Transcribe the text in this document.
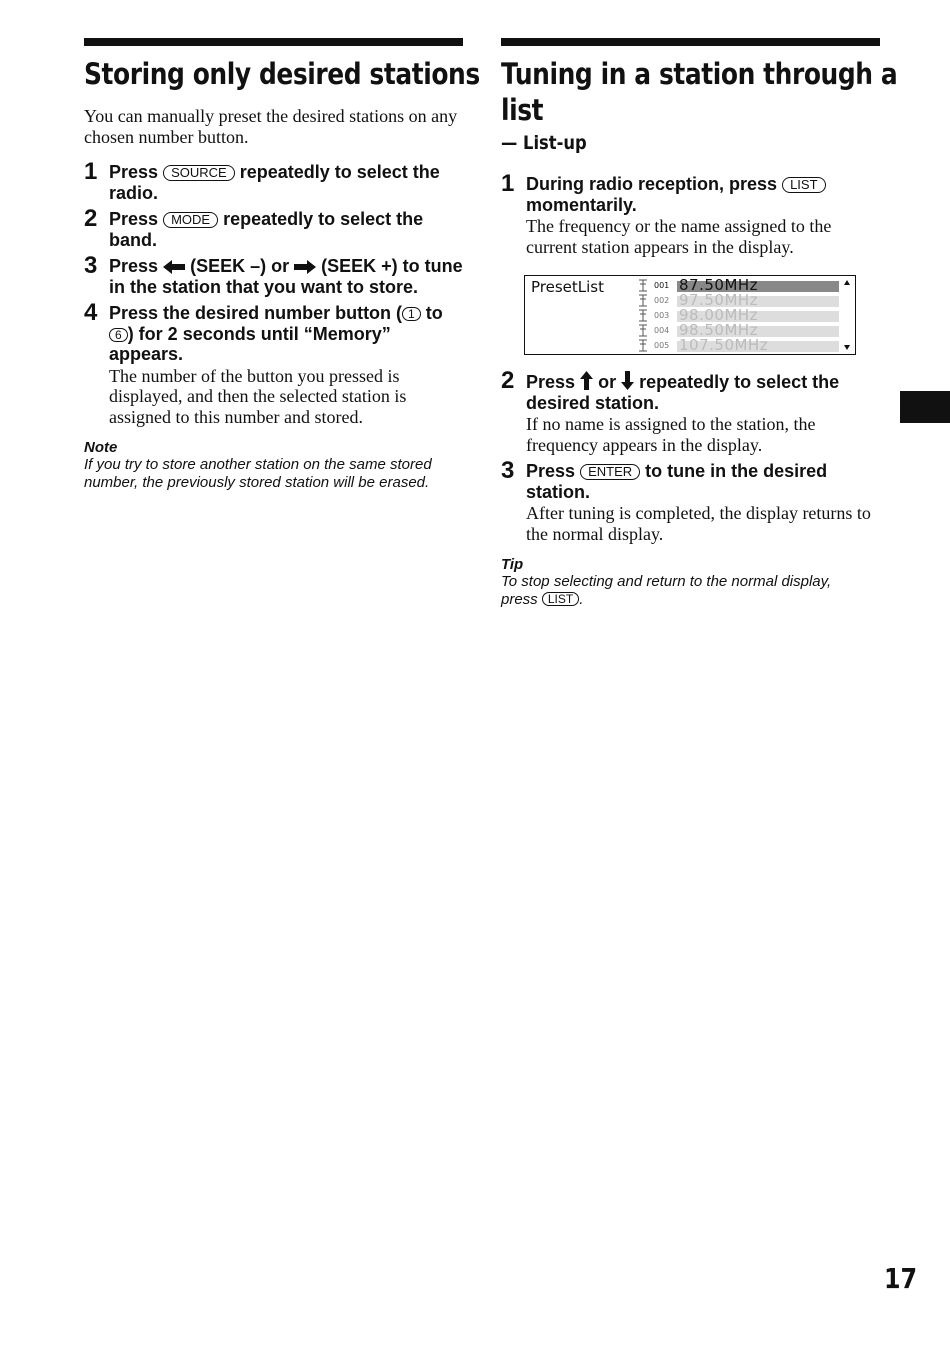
Storing only desired stations

You can manually preset the desired stations on any chosen number button.

1 Press SOURCE repeatedly to select the radio.
2 Press MODE repeatedly to select the band.
3 Press (SEEK –) or (SEEK +) to tune in the station that you want to store.
4 Press the desired number button ( 1 to 6 ) for 2 seconds until “Memory” appears.
The number of the button you pressed is displayed, and then the selected station is assigned to this number and stored.
Note
If you try to store another station on the same stored number, the previously stored station will be erased.
Tuning in a station through a
list
— List-up
1 During radio reception, press LIST momentarily.
The frequency or the name assigned to the current station appears in the display.
PresetList	001 87.50MHz
002 97.50MHz
003 98.00MHz
004 98.50MHz
005 107.50MHz
2 Press or repeatedly to select the desired station.
If no name is assigned to the station, the frequency appears in the display.
3 Press ENTER to tune in the desired station.
After tuning is completed, the display returns to the normal display.
Tip
To stop selecting and return to the normal display,
press LIST .
17
